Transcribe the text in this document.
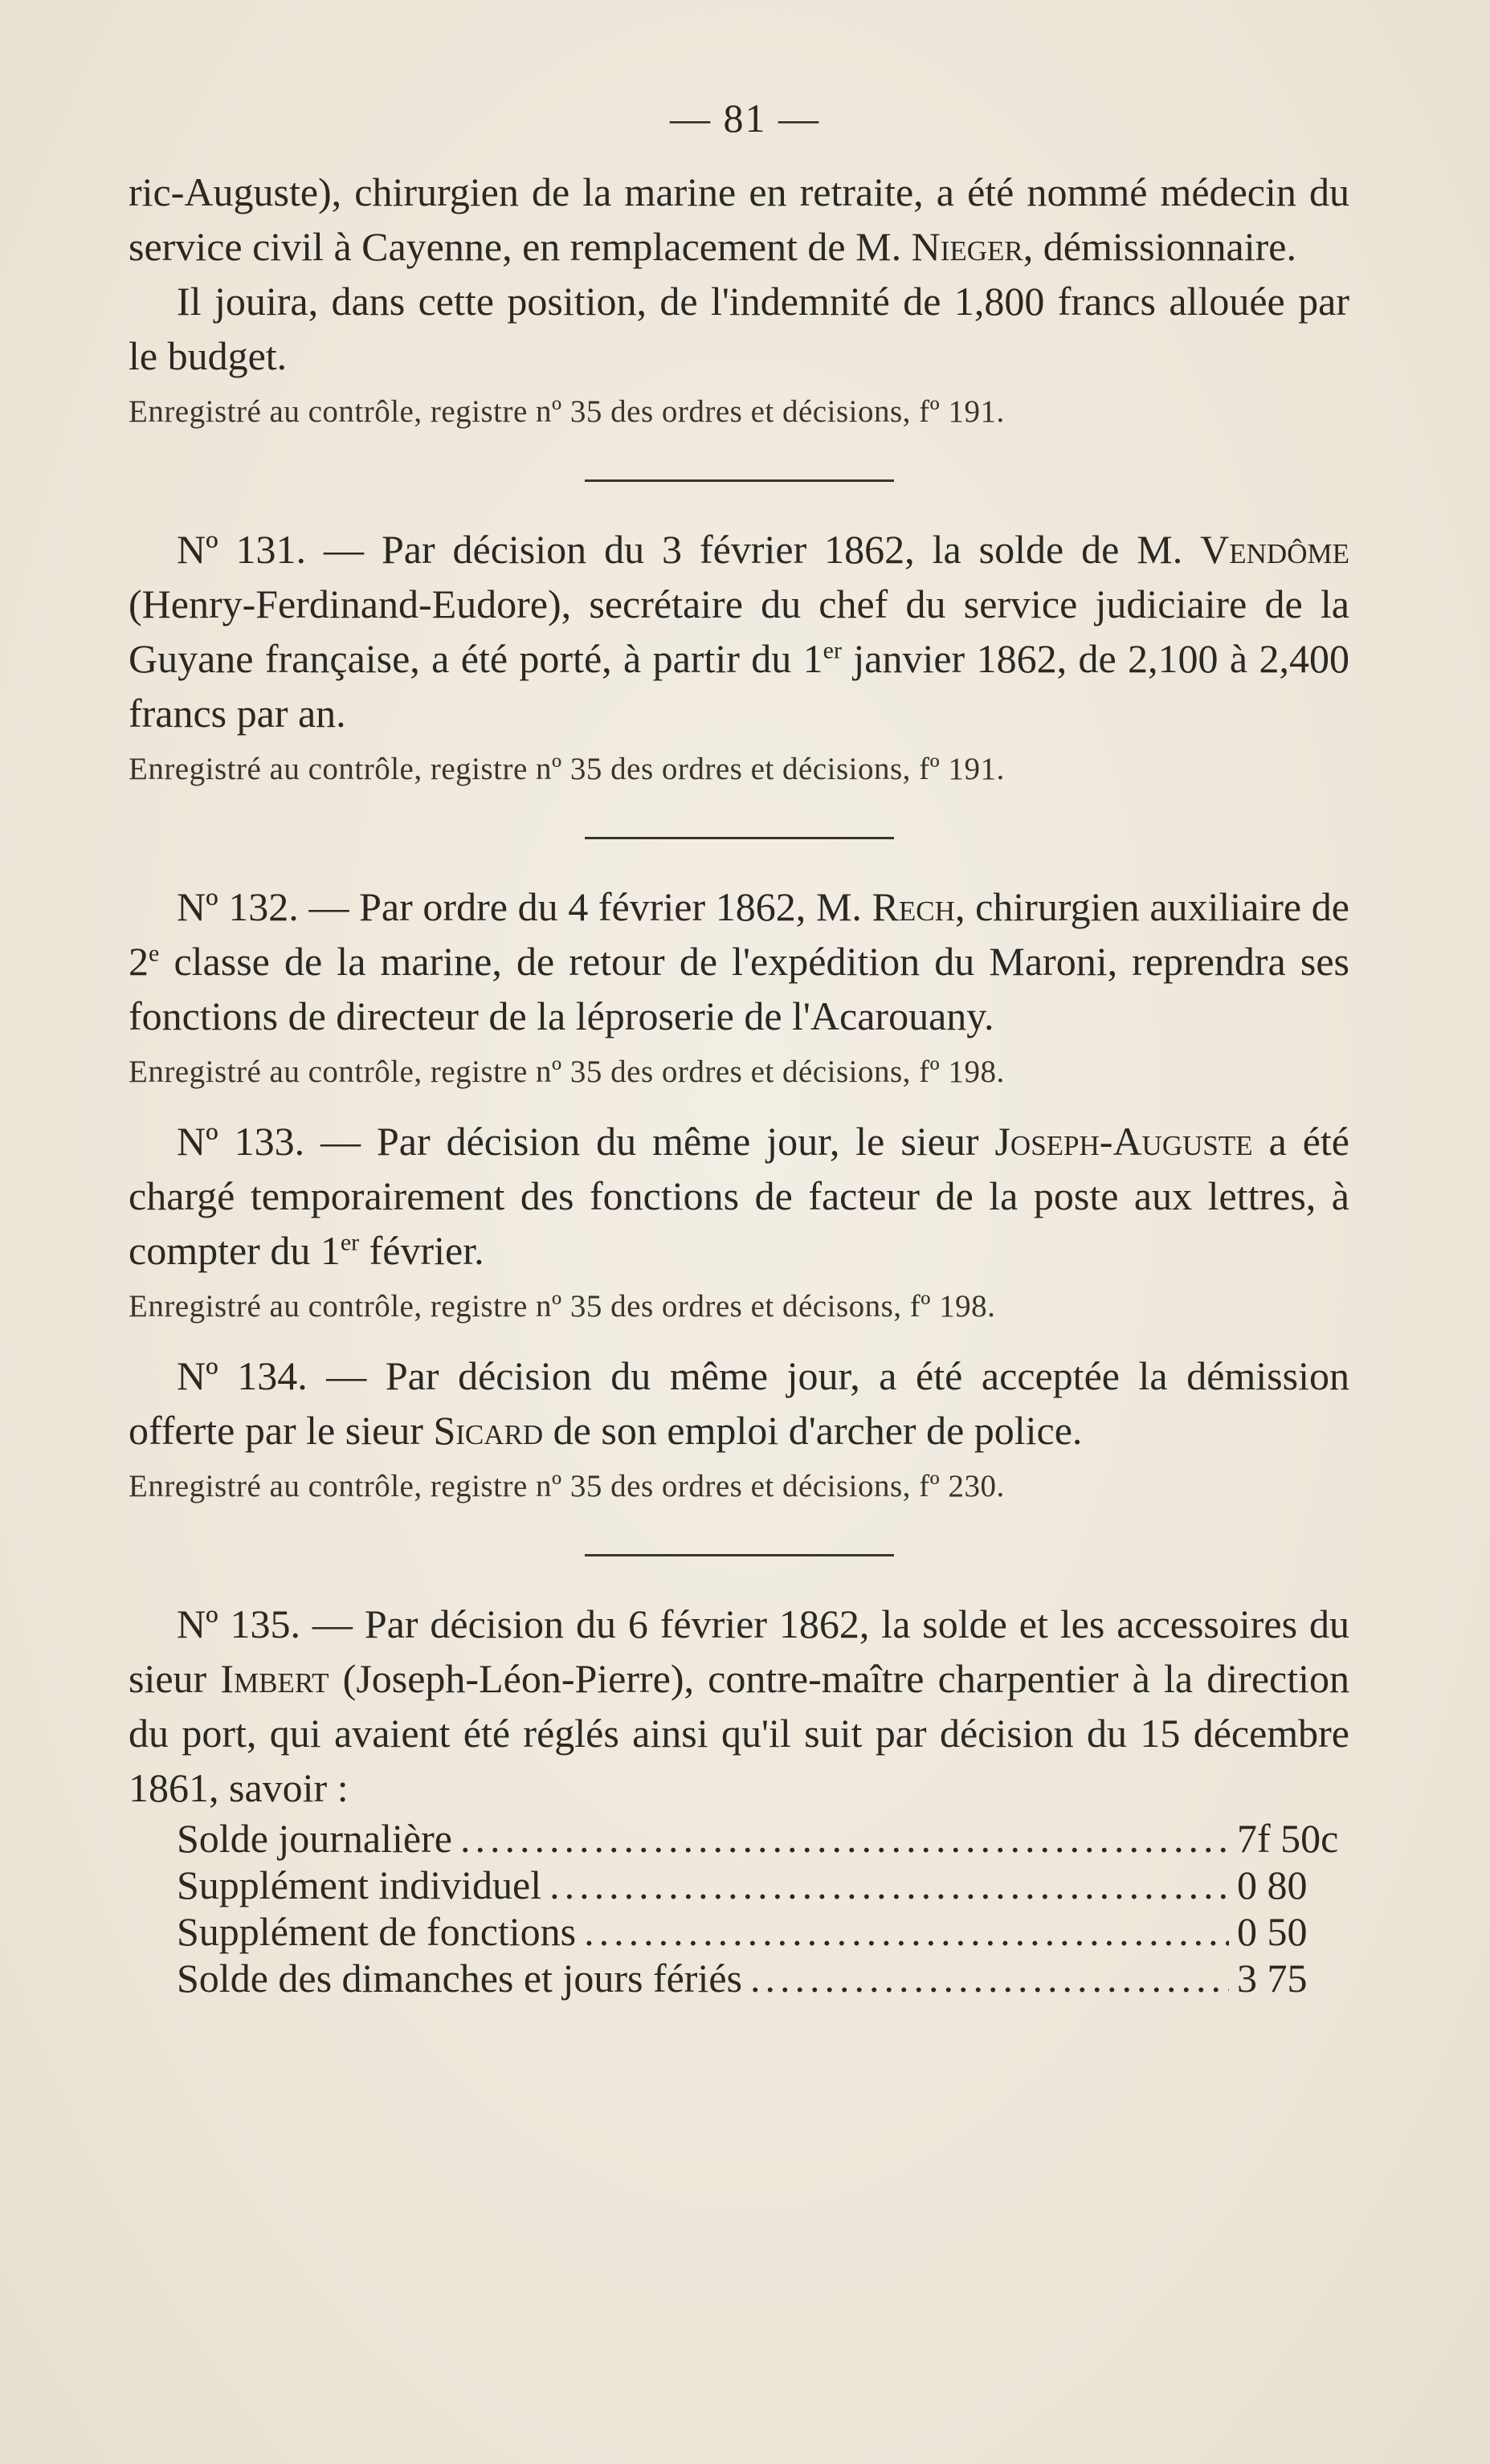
— 81 —

ric-Auguste), chirurgien de la marine en retraite, a été nommé médecin du service civil à Cayenne, en remplacement de M. Nieger, démissionnaire.

Il jouira, dans cette position, de l'indemnité de 1,800 francs allouée par le budget.

Enregistré au contrôle, registre nº 35 des ordres et décisions, fº 191.

Nº 131. — Par décision du 3 février 1862, la solde de M. Vendôme (Henry-Ferdinand-Eudore), secrétaire du chef du service judiciaire de la Guyane française, a été porté, à partir du 1er janvier 1862, de 2,100 à 2,400 francs par an.

Enregistré au contrôle, registre nº 35 des ordres et décisions, fº 191.

Nº 132. — Par ordre du 4 février 1862, M. Rech, chirurgien auxiliaire de 2e classe de la marine, de retour de l'expédition du Maroni, reprendra ses fonctions de directeur de la léproserie de l'Acarouany.

Enregistré au contrôle, registre nº 35 des ordres et décisions, fº 198.

Nº 133. — Par décision du même jour, le sieur Joseph-Auguste a été chargé temporairement des fonctions de facteur de la poste aux lettres, à compter du 1er février.

Enregistré au contrôle, registre nº 35 des ordres et décisons, fº 198.

Nº 134. — Par décision du même jour, a été acceptée la démission offerte par le sieur Sicard de son emploi d'archer de police.

Enregistré au contrôle, registre nº 35 des ordres et décisions, fº 230.

Nº 135. — Par décision du 6 février 1862, la solde et les accessoires du sieur Imbert (Joseph-Léon-Pierre), contre-maître charpentier à la direction du port, qui avaient été réglés ainsi qu'il suit par décision du 15 décembre 1861, savoir :

Solde journalière .....	7f 50c
Supplément individuel .....	0 80
Supplément de fonctions .....	0 50
Solde des dimanches et jours fériés .....	3 75
